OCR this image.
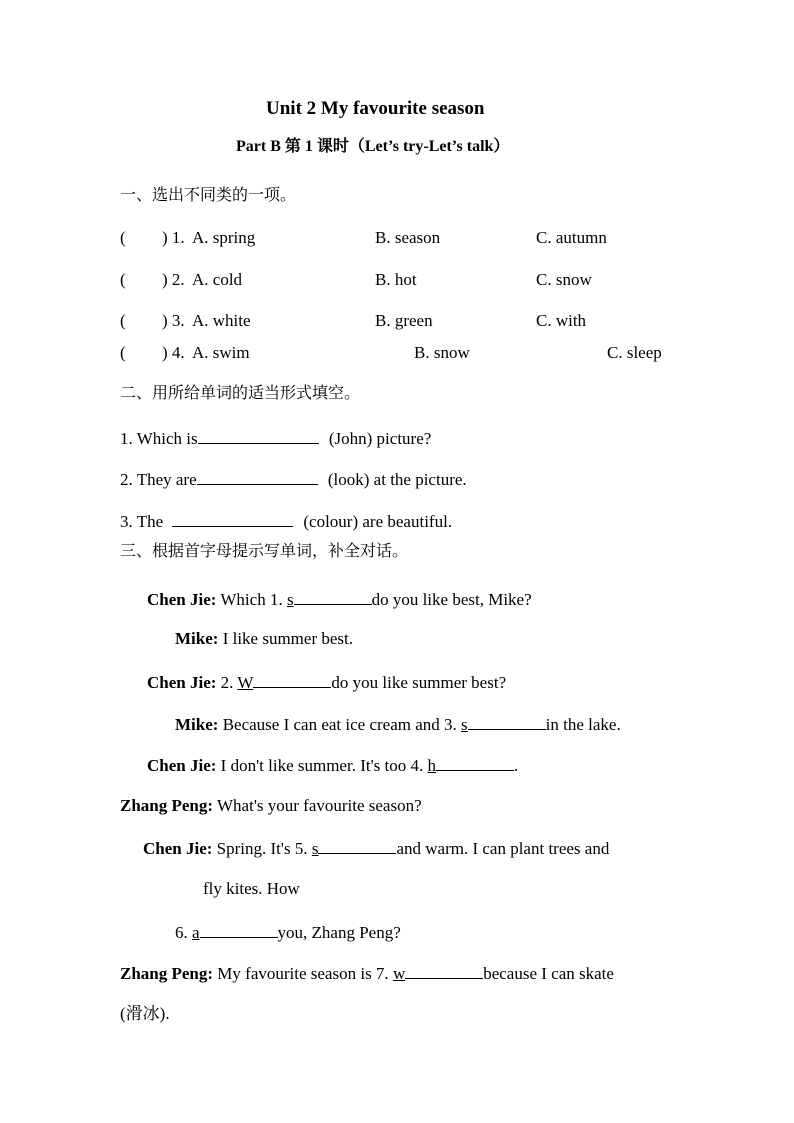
Unit 2 My favourite season
Part B 第 1 课时（Let’s try-Let’s talk）
一、选出不同类的一项。
( ) 1. A. spring	B. season	C. autumn
( ) 2. A. cold	B. hot	C. snow
( ) 3. A. white	B. green	C. with
( ) 4. A. swim	B. snow	C. sleep
二、用所给单词的适当形式填空。
1. Which is	(John) picture?
2. They are	(look) at the picture.
3. The	(colour) are beautiful.
三、根据首字母提示写单词，补全对话。
Chen Jie: Which 1. s	do you like best, Mike?
Mike: I like summer best.
Chen Jie: 2. W	do you like summer best?
Mike: Because I can eat ice cream and 3. s	in the lake.
Chen Jie: I don't like summer. It's too 4. h	.
Zhang Peng: What's your favourite season?
Chen Jie: Spring. It's 5. s	and warm. I can plant trees and
fly kites. How
6. a	you, Zhang Peng?
Zhang Peng: My favourite season is 7. w	because I can skate
(滑冰).
